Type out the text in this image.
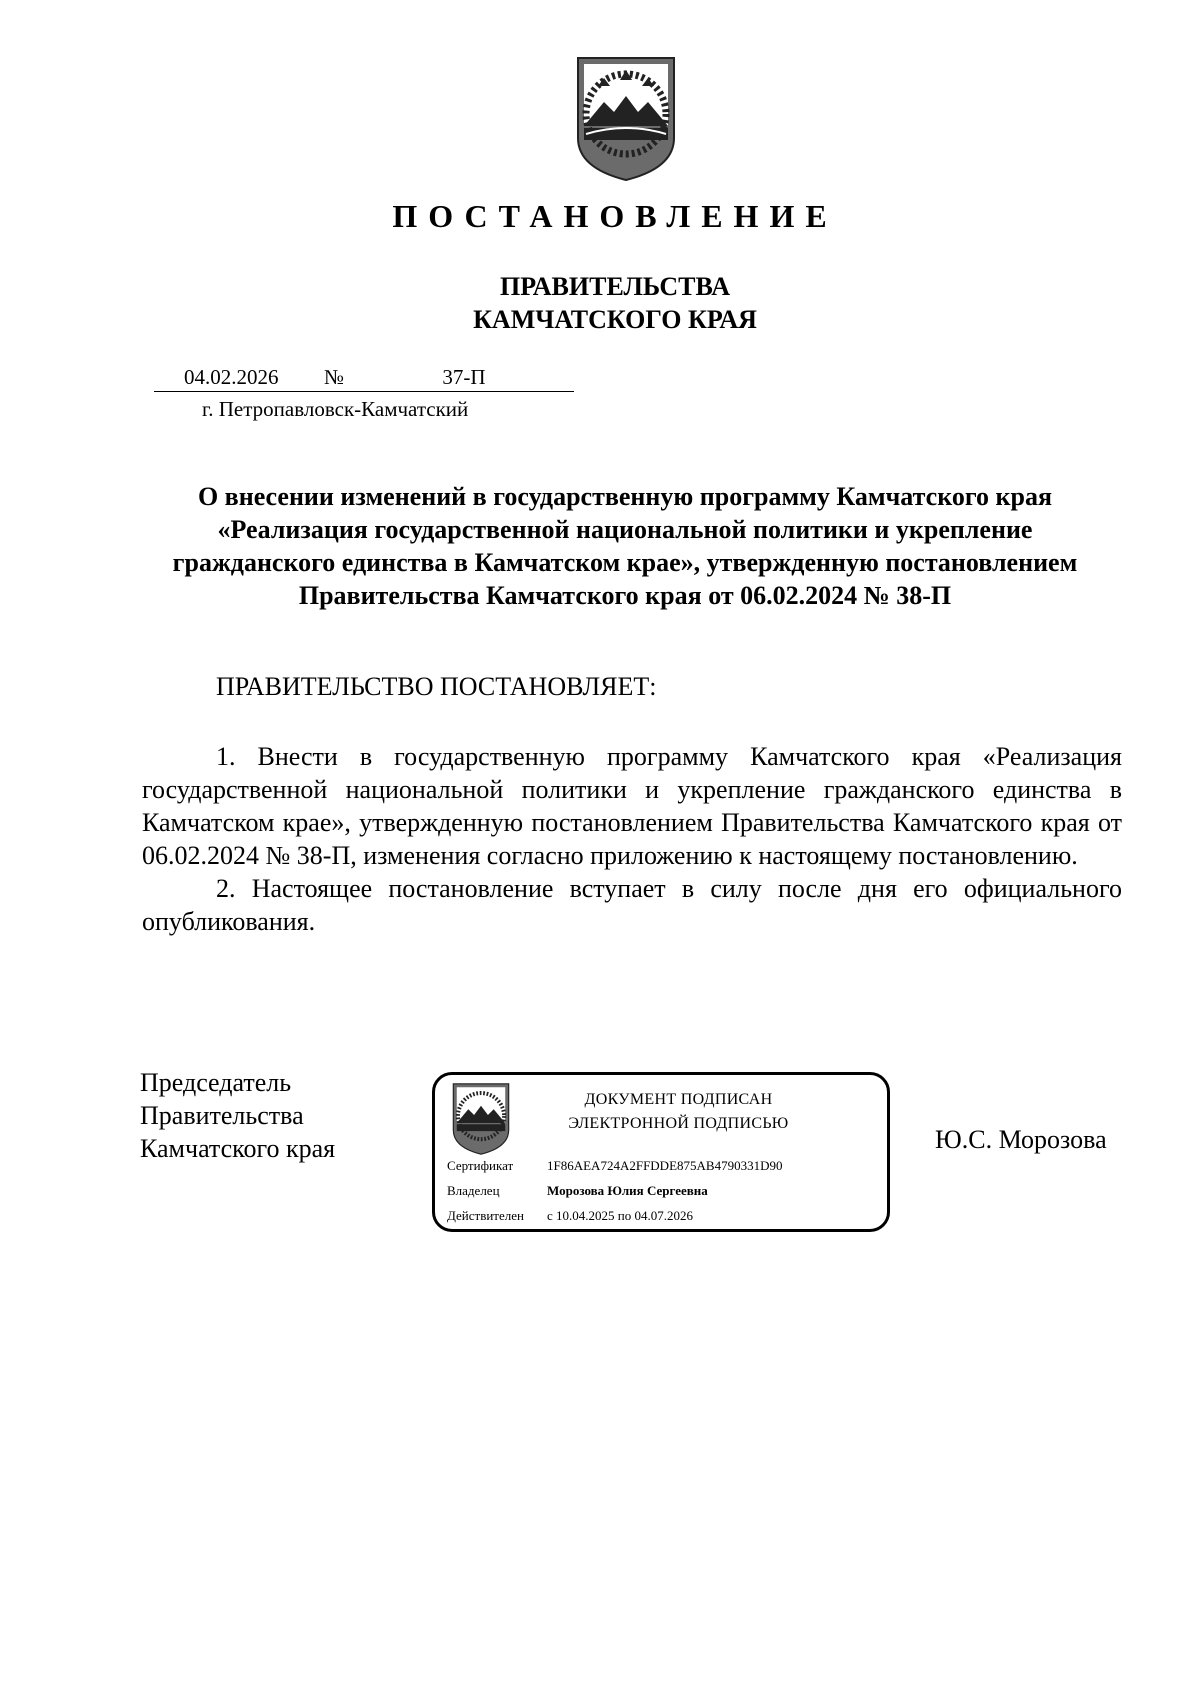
ПОСТАНОВЛЕНИЕ
ПРАВИТЕЛЬСТВА
КАМЧАТСКОГО КРАЯ
04.02.2026 №	37-П
г. Петропавловск-Камчатский
О внесении изменений в государственную программу Камчатского края «Реализация государственной национальной политики и укрепление гражданского единства в Камчатском крае», утвержденную постановлением Правительства Камчатского края от 06.02.2024 № 38-П
ПРАВИТЕЛЬСТВО ПОСТАНОВЛЯЕТ:

1. Внести в государственную программу Камчатского края «Реализация государственной национальной политики и укрепление гражданского единства в Камчатском крае», утвержденную постановлением Правительства Камчатского края от 06.02.2024 № 38-П, изменения согласно приложению к настоящему постановлению.

2. Настоящее постановление вступает в силу после дня его официального опубликования.

Председатель
Правительства
Камчатского края
ДОКУМЕНТ ПОДПИСАН
ЭЛЕКТРОННОЙ ПОДПИСЬЮ
Сертификат	1F86AEA724A2FFDDE875AB4790331D90
Владелец	Морозова Юлия Сергеевна
Действителен с 10.04.2025 по 04.07.2026
Ю.С. Морозова
